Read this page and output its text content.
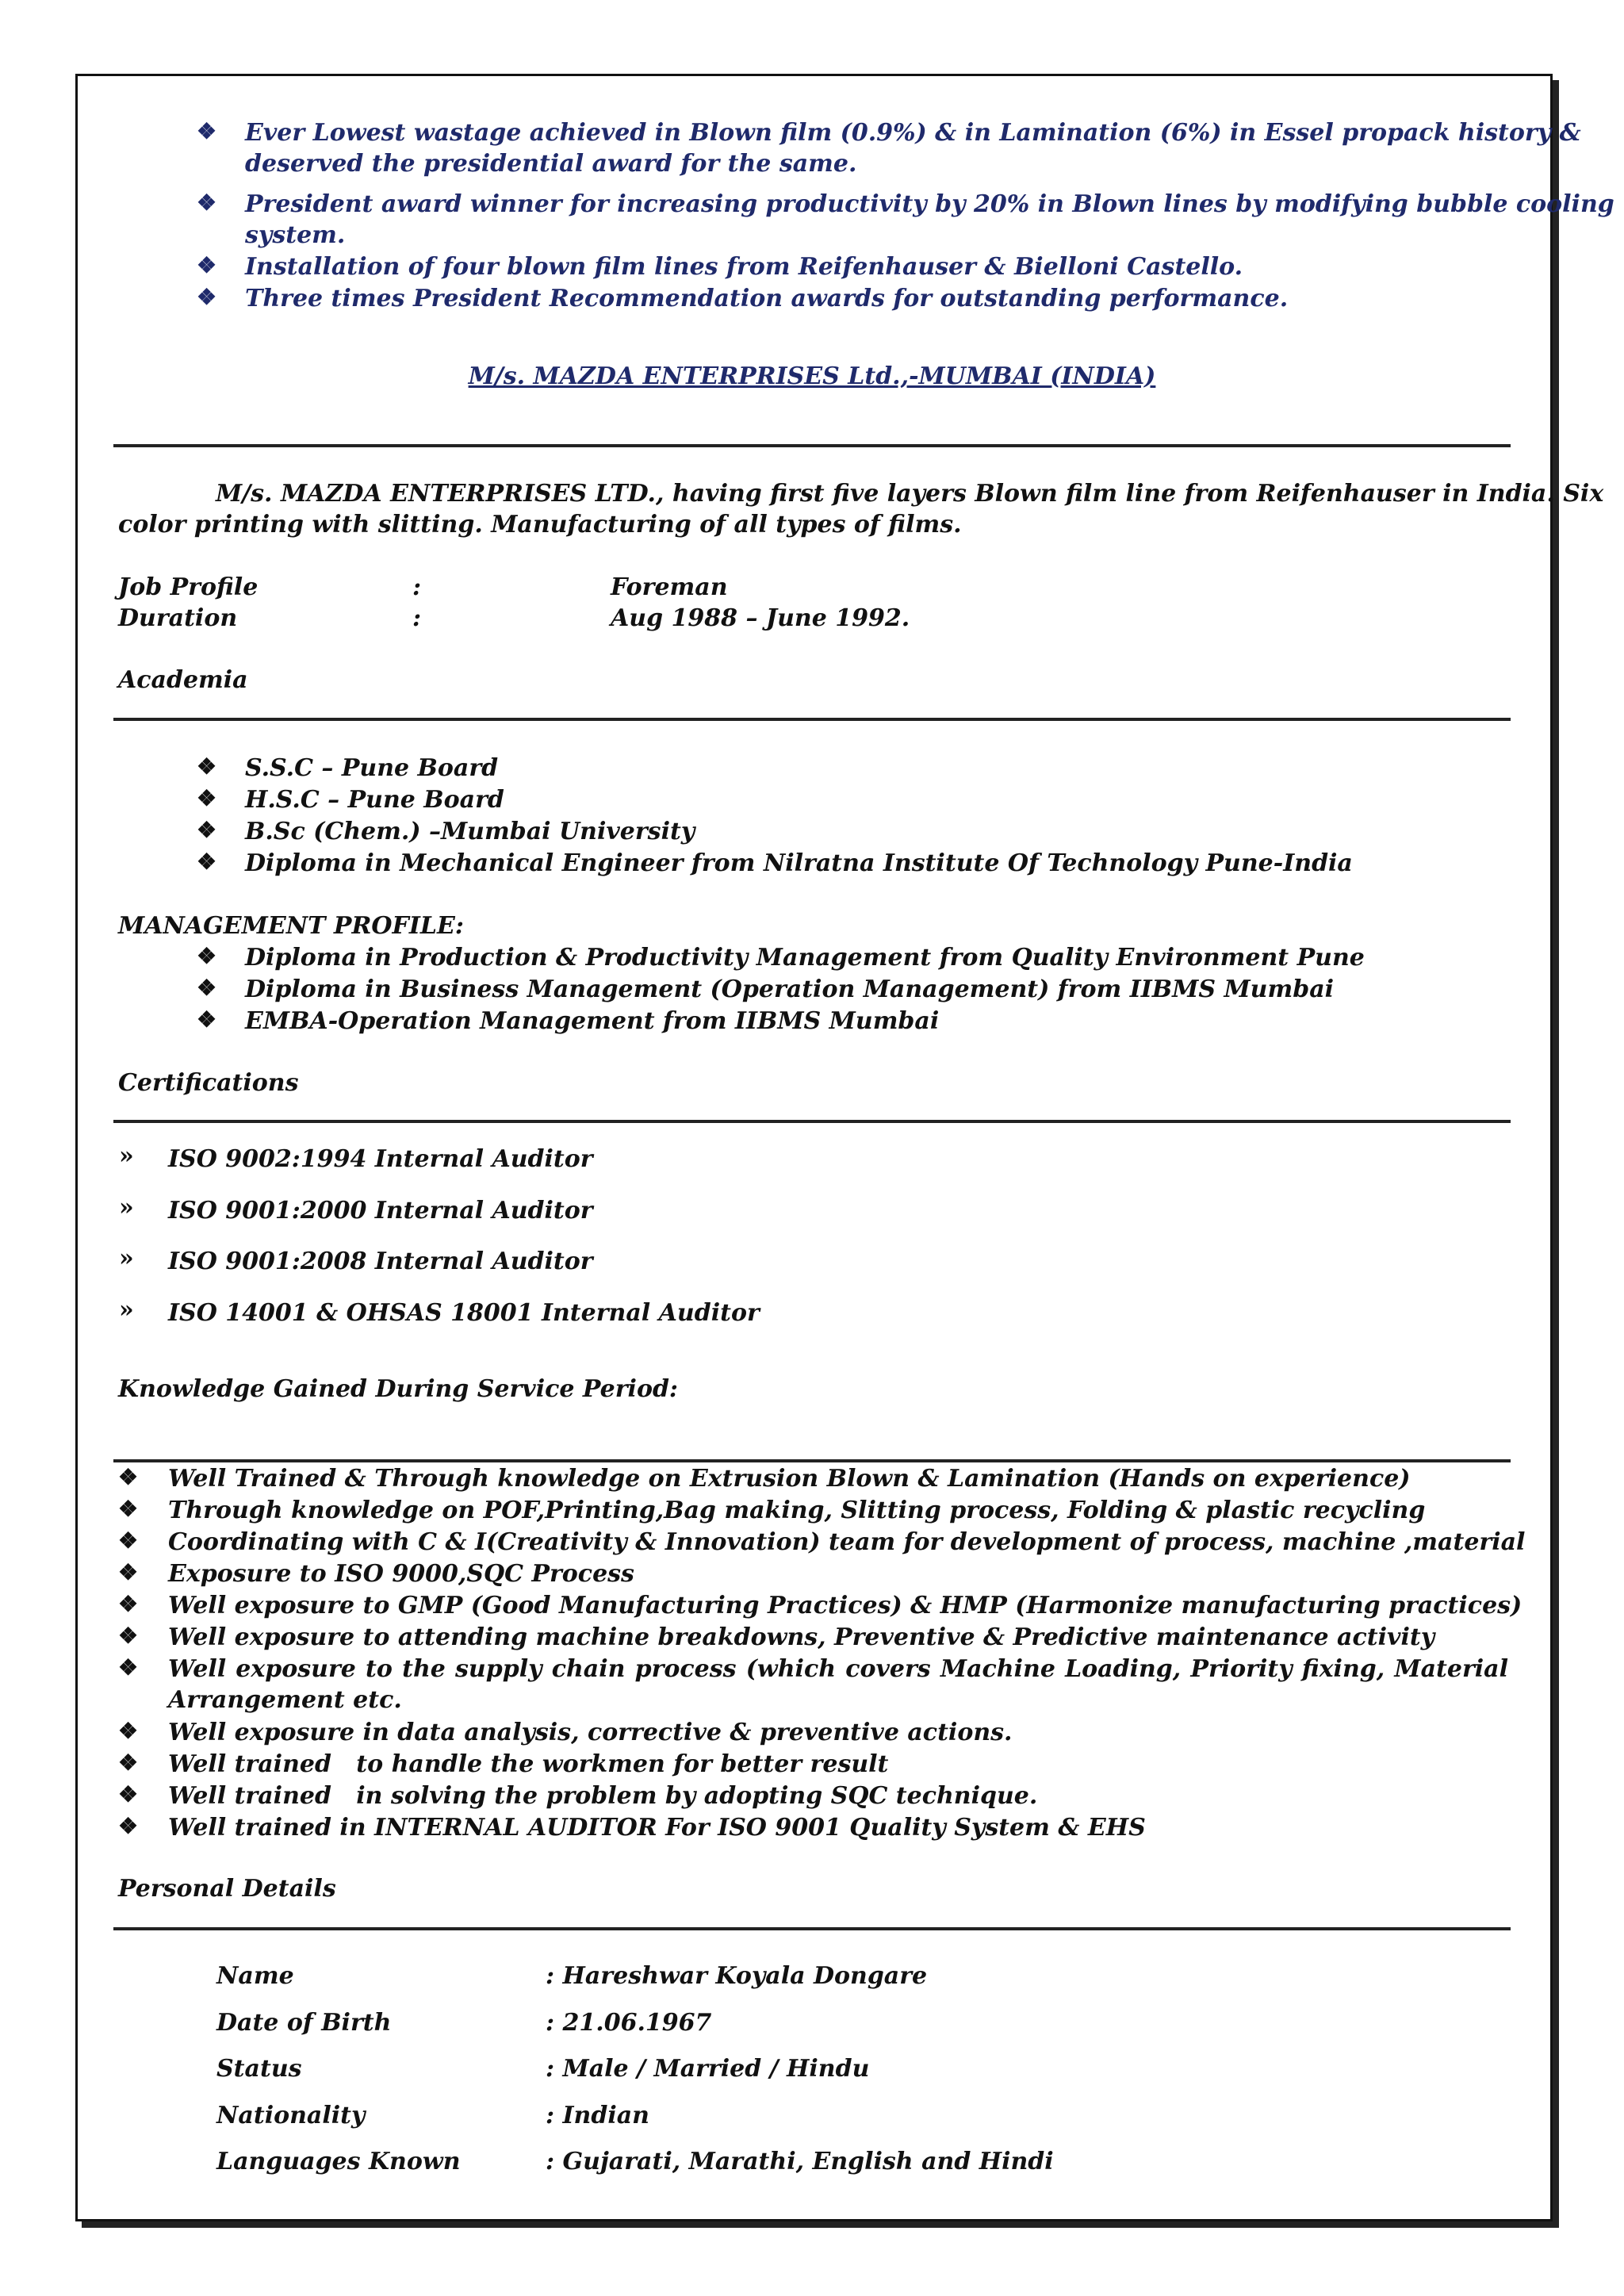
❖ Ever Lowest wastage achieved in Blown film (0.9%) & in Lamination (6%) in Essel propack history &
deserved the presidential award for the same.
❖ President award winner for increasing productivity by 20% in Blown lines by modifying bubble cooling
system.
❖ Installation of four blown film lines from Reifenhauser & Bielloni Castello.
❖ Three times President Recommendation awards for outstanding performance.
M/s. MAZDA ENTERPRISES Ltd.,-MUMBAI (INDIA)
M/s. MAZDA ENTERPRISES LTD., having first five layers Blown film line from Reifenhauser in India. Six
color printing with slitting. Manufacturing of all types of films.
Job Profile	:	Foreman
Duration	:	Aug 1988 – June 1992.
Academia
❖ S.S.C – Pune Board
❖ H.S.C – Pune Board
❖ B.Sc (Chem.) –Mumbai University
❖ Diploma in Mechanical Engineer from Nilratna Institute Of Technology Pune-India
MANAGEMENT PROFILE:
❖ Diploma in Production & Productivity Management from Quality Environment Pune
❖ Diploma in Business Management (Operation Management) from IIBMS Mumbai
❖ EMBA-Operation Management from IIBMS Mumbai
Certifications
» ISO 9002:1994 Internal Auditor
» ISO 9001:2000 Internal Auditor
» ISO 9001:2008 Internal Auditor
» ISO 14001 & OHSAS 18001 Internal Auditor
Knowledge Gained During Service Period:
❖ Well Trained & Through knowledge on Extrusion Blown & Lamination (Hands on experience)
❖ Through knowledge on POF,Printing,Bag making, Slitting process, Folding & plastic recycling
❖ Coordinating with C & I(Creativity & Innovation) team for development of process, machine ,material
❖ Exposure to ISO 9000,SQC Process
❖ Well exposure to GMP (Good Manufacturing Practices) & HMP (Harmonize manufacturing practices)
❖ Well exposure to attending machine breakdowns, Preventive & Predictive maintenance activity
❖ Well exposure to the supply chain process (which covers Machine Loading, Priority fixing, Material
Arrangement etc.
❖ Well exposure in data analysis, corrective & preventive actions.
❖ Well trained   to handle the workmen for better result
❖ Well trained   in solving the problem by adopting SQC technique.
❖ Well trained in INTERNAL AUDITOR For ISO 9001 Quality System & EHS
Personal Details
Name	: Hareshwar Koyala Dongare
Date of Birth	: 21.06.1967
Status	: Male / Married / Hindu
Nationality	: Indian
Languages Known	: Gujarati, Marathi, English and Hindi
